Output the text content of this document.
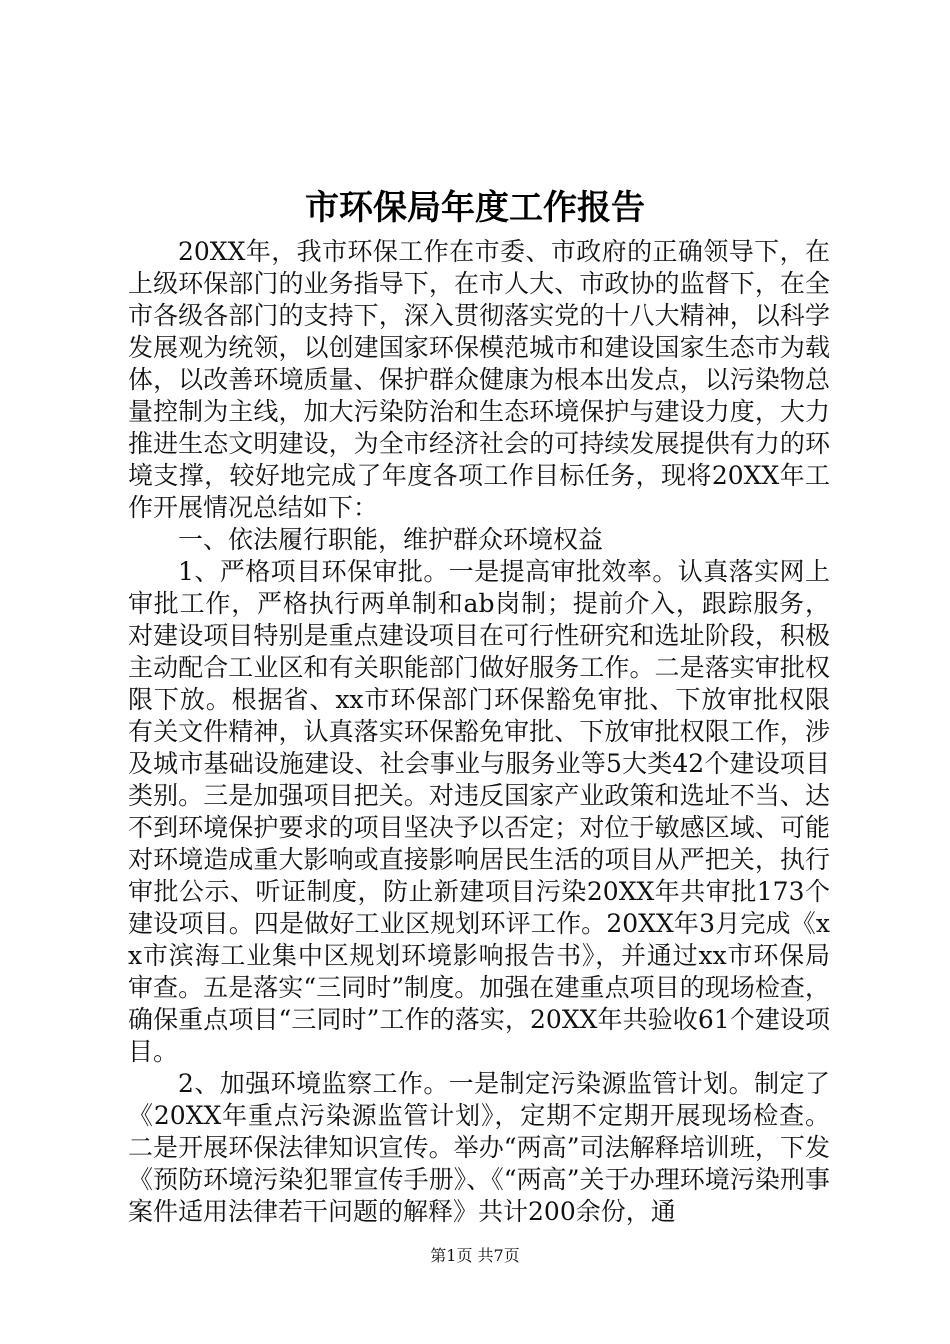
市环保局年度工作报告

20XX年，我市环保工作在市委、市政府的正确领导下，在上级环保部门的业务指导下，在市人大、市政协的监督下，在全市各级各部门的支持下，深入贯彻落实党的十八大精神，以科学发展观为统领，以创建国家环保模范城市和建设国家生态市为载体，以改善环境质量、保护群众健康为根本出发点，以污染物总量控制为主线，加大污染防治和生态环境保护与建设力度，大力推进生态文明建设，为全市经济社会的可持续发展提供有力的环境支撑，较好地完成了年度各项工作目标任务，现将20XX年工作开展情况总结如下：

一、依法履行职能，维护群众环境权益

1、严格项目环保审批。一是提高审批效率。认真落实网上审批工作，严格执行两单制和ab岗制；提前介入，跟踪服务，对建设项目特别是重点建设项目在可行性研究和选址阶段，积极主动配合工业区和有关职能部门做好服务工作。二是落实审批权限下放。根据省、xx市环保部门环保豁免审批、下放审批权限有关文件精神，认真落实环保豁免审批、下放审批权限工作，涉及城市基础设施建设、社会事业与服务业等5大类42个建设项目类别。三是加强项目把关。对违反国家产业政策和选址不当、达不到环境保护要求的项目坚决予以否定；对位于敏感区域、可能对环境造成重大影响或直接影响居民生活的项目从严把关，执行审批公示、听证制度，防止新建项目污染20XX年共审批173个建设项目。四是做好工业区规划环评工作。20XX年3月完成《xx市滨海工业集中区规划环境影响报告书》，并通过xx市环保局审查。五是落实“三同时”制度。加强在建重点项目的现场检查，确保重点项目“三同时”工作的落实，20XX年共验收61个建设项目。

2、加强环境监察工作。一是制定污染源监管计划。制定了《20XX年重点污染源监管计划》，定期不定期开展现场检查。二是开展环保法律知识宣传。举办“两高”司法解释培训班，下发《预防环境污染犯罪宣传手册》、《“两高”关于办理环境污染刑事案件适用法律若干问题的解释》共计200余份，通

第1页 共7页
